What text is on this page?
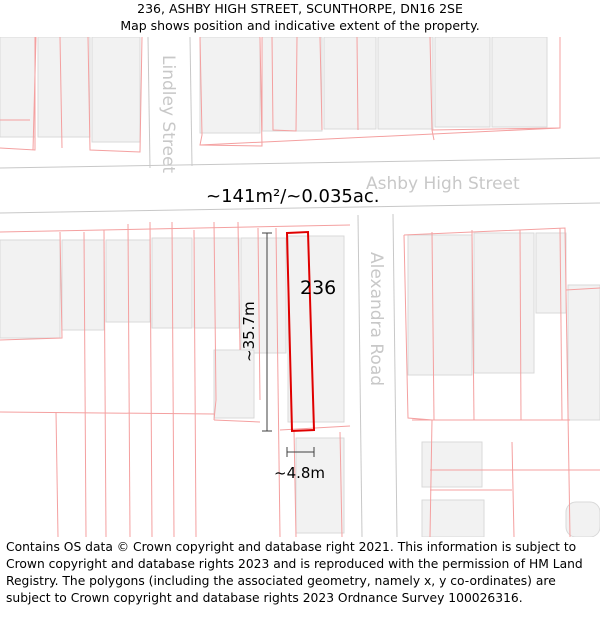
236, ASHBY HIGH STREET, SCUNTHORPE, DN16 2SE
Map shows position and indicative extent of the property.
Lindley Street
Ashby High Street
Alexandra Road
~141m²/~0.035ac.
236
~35.7m
~4.8m
Contains OS data © Crown copyright and database right 2021. This information is subject to Crown copyright and database rights 2023 and is reproduced with the permission of HM Land Registry. The polygons (including the associated geometry, namely x, y co-ordinates) are subject to Crown copyright and database rights 2023 Ordnance Survey 100026316.
